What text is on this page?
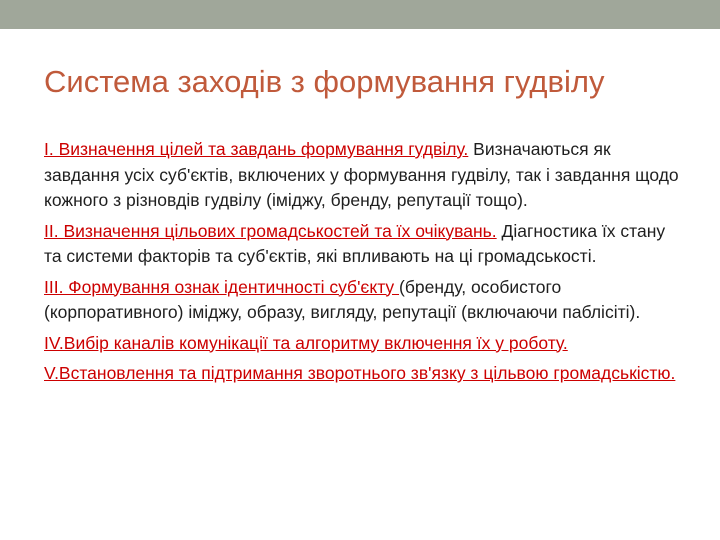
Система заходів з формування гудвілу

І. Визначення цілей та завдань формування гудвілу. Визначаються як завдання усіх суб'єктів, включених у формування гудвілу, так і завдання щодо кожного з різновдів гудвілу (іміджу, бренду, репутації тощо).

ІІ. Визначення цільових громадськостей та їх очікувань. Діагностика їх стану та системи факторів та суб'єктів, які впливають на ці громадськості.

ІІІ. Формування ознак ідентичності суб'єкту (бренду, особистого (корпоративного) іміджу, образу, вигляду, репутації (включаючи паблісіті).

IV.Вибір каналів комунікації та алгоритму включення їх у роботу.

V.Встановлення та підтримання зворотнього зв'язку з цільвою громадськістю.
